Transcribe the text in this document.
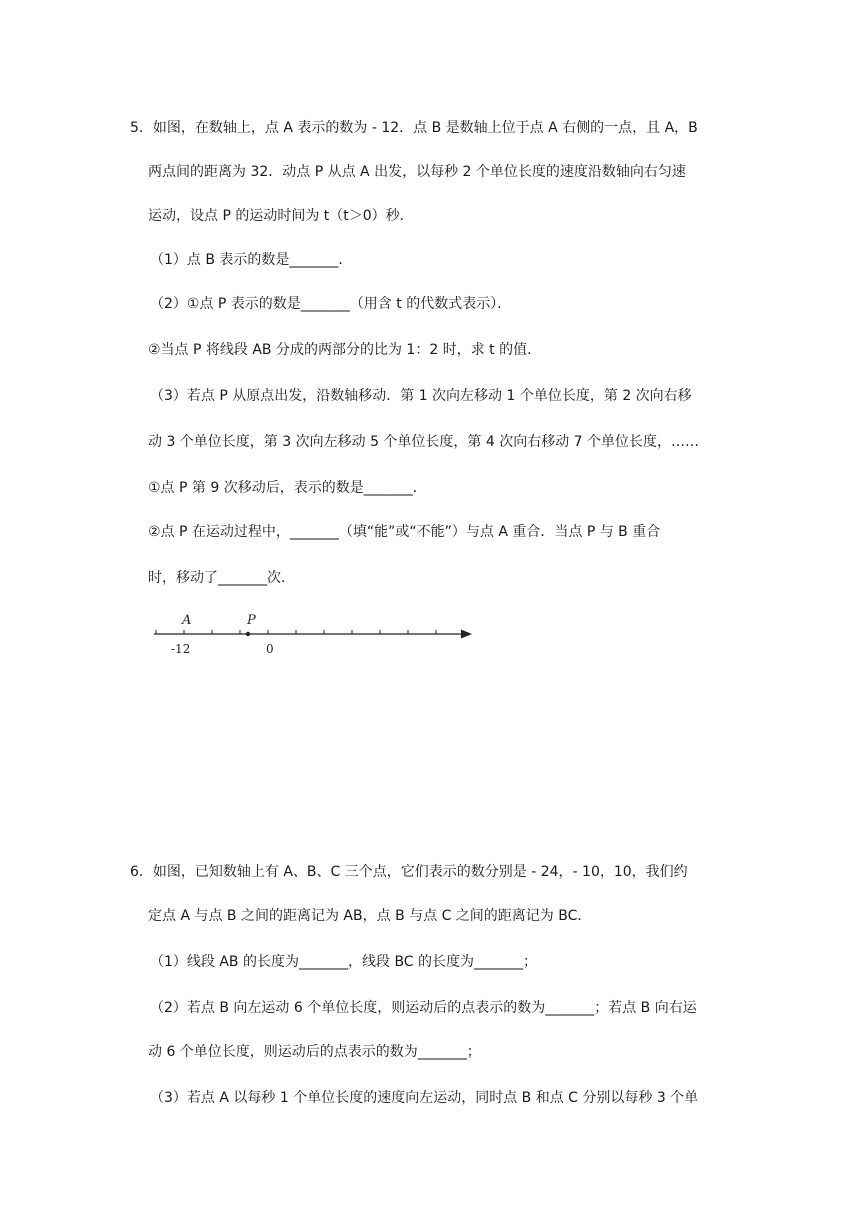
5．如图，在数轴上，点 A 表示的数为 - 12．点 B 是数轴上位于点 A 右侧的一点，且 A，B
两点间的距离为 32．动点 P 从点 A 出发，以每秒 2 个单位长度的速度沿数轴向右匀速
运动，设点 P 的运动时间为 t（t＞0）秒．
（1）点 B 表示的数是_______．
（2）①点 P 表示的数是_______（用含 t 的代数式表示）．
②当点 P 将线段 AB 分成的两部分的比为 1：2 时，求 t 的值．
（3）若点 P 从原点出发，沿数轴移动．第 1 次向左移动 1 个单位长度，第 2 次向右移
动 3 个单位长度，第 3 次向左移动 5 个单位长度，第 4 次向右移动 7 个单位长度，……
①点 P 第 9 次移动后，表示的数是_______．
②点 P 在运动过程中，_______（填“能”或“不能”）与点 A 重合．当点 P 与 B 重合
时，移动了_______次．
A	P
-12	0
6．如图，已知数轴上有 A、B、C 三个点，它们表示的数分别是 - 24，- 10，10，我们约
定点 A 与点 B 之间的距离记为 AB，点 B 与点 C 之间的距离记为 BC．
（1）线段 AB 的长度为_______，线段 BC 的长度为_______；
（2）若点 B 向左运动 6 个单位长度，则运动后的点表示的数为_______；若点 B 向右运
动 6 个单位长度，则运动后的点表示的数为_______；
（3）若点 A 以每秒 1 个单位长度的速度向左运动，同时点 B 和点 C 分别以每秒 3 个单
